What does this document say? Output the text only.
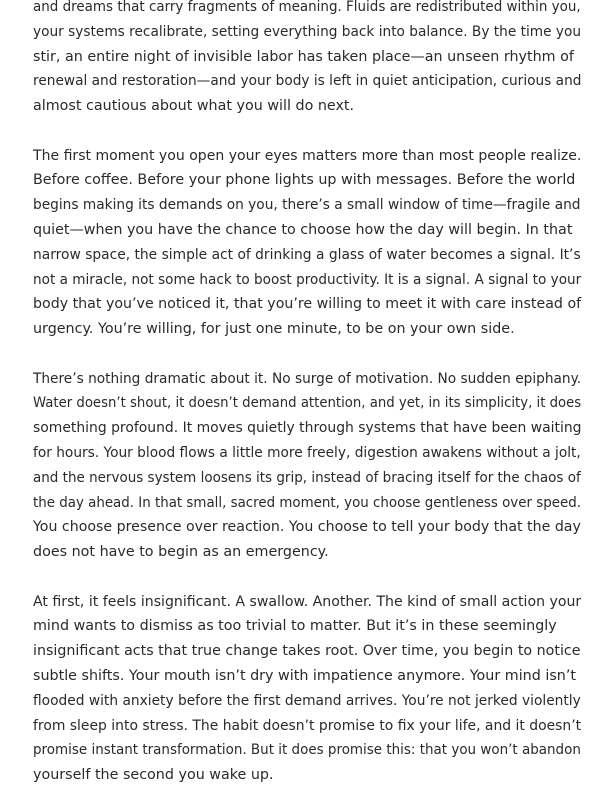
and dreams that carry fragments of meaning. Fluids are redistributed within you,
your systems recalibrate, setting everything back into balance. By the time you
stir, an entire night of invisible labor has taken place—an unseen rhythm of
renewal and restoration—and your body is left in quiet anticipation, curious and
almost cautious about what you will do next.

The first moment you open your eyes matters more than most people realize.
Before coffee. Before your phone lights up with messages. Before the world
begins making its demands on you, there’s a small window of time—fragile and
quiet—when you have the chance to choose how the day will begin. In that
narrow space, the simple act of drinking a glass of water becomes a signal. It’s
not a miracle, not some hack to boost productivity. It is a signal. A signal to your
body that you’ve noticed it, that you’re willing to meet it with care instead of
urgency. You’re willing, for just one minute, to be on your own side.

There’s nothing dramatic about it. No surge of motivation. No sudden epiphany.
Water doesn’t shout, it doesn’t demand attention, and yet, in its simplicity, it does
something profound. It moves quietly through systems that have been waiting
for hours. Your blood flows a little more freely, digestion awakens without a jolt,
and the nervous system loosens its grip, instead of bracing itself for the chaos of
the day ahead. In that small, sacred moment, you choose gentleness over speed.
You choose presence over reaction. You choose to tell your body that the day
does not have to begin as an emergency.

At first, it feels insignificant. A swallow. Another. The kind of small action your
mind wants to dismiss as too trivial to matter. But it’s in these seemingly
insignificant acts that true change takes root. Over time, you begin to notice
subtle shifts. Your mouth isn’t dry with impatience anymore. Your mind isn’t
flooded with anxiety before the first demand arrives. You’re not jerked violently
from sleep into stress. The habit doesn’t promise to fix your life, and it doesn’t
promise instant transformation. But it does promise this: that you won’t abandon
yourself the second you wake up.
